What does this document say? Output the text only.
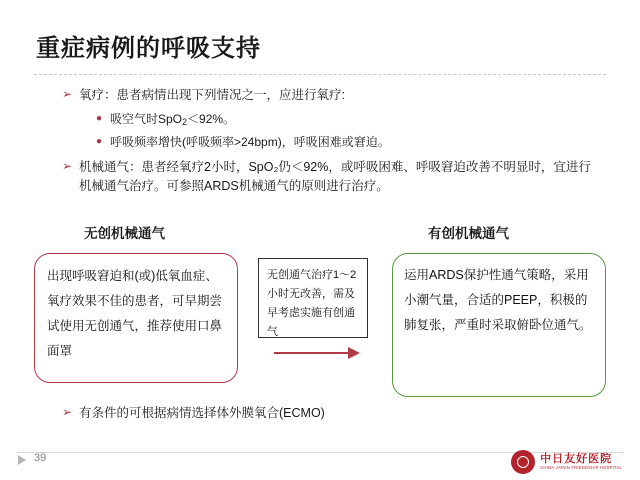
重症病例的呼吸支持
➢ 氧疗：患者病情出现下列情况之一，应进行氧疗:
● 吸空气时SpO$_2$＜92%。
● 呼吸频率增快(呼吸频率>24bpm)，呼吸困难或窘迫。
➢ 机械通气：患者经氧疗2小时，SpO₂仍＜92%，或呼吸困难、呼吸窘迫改善不明显时，宜进行机械通气治疗。可参照ARDS机械通气的原则进行治疗。
无创机械通气	有创机械通气
出现呼吸窘迫和(或)低氧血症、氧疗效果不佳的患者，可早期尝试使用无创通气，推荐使用口鼻面罩
无创通气治疗1～2小时无改善，需及早考虑实施有创通气
运用ARDS保护性通气策略，采用小潮气量，合适的PEEP，积极的肺复张，严重时采取俯卧位通气。
➢ 有条件的可根据病情选择体外膜氧合(ECMO)
39	中日友好医院
CHINA-JAPAN FRIENDSHIP HOSPITAL
